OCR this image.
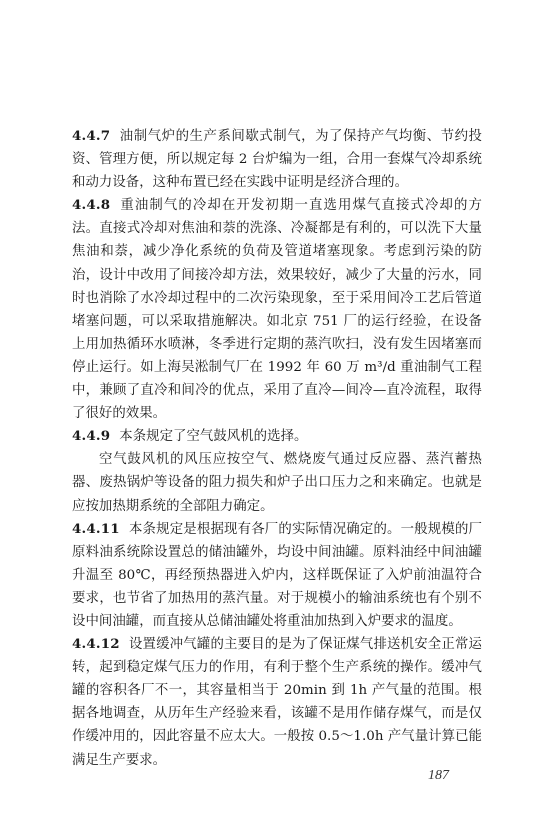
4.4.7 油制气炉的生产系间歇式制气，为了保持产气均衡、节约投资、管理方便，所以规定每 2 台炉编为一组，合用一套煤气冷却系统和动力设备，这种布置已经在实践中证明是经济合理的。

4.4.8 重油制气的冷却在开发初期一直选用煤气直接式冷却的方法。直接式冷却对焦油和萘的洗涤、冷凝都是有利的，可以洗下大量焦油和萘，减少净化系统的负荷及管道堵塞现象。考虑到污染的防治，设计中改用了间接冷却方法，效果较好，减少了大量的污水，同时也消除了水冷却过程中的二次污染现象，至于采用间冷工艺后管道堵塞问题，可以采取措施解决。如北京 751 厂的运行经验，在设备上用加热循环水喷淋，冬季进行定期的蒸汽吹扫，没有发生因堵塞而停止运行。如上海吴淞制气厂在 1992 年 60 万 m³/d 重油制气工程中，兼顾了直冷和间冷的优点，采用了直冷—间冷—直冷流程，取得了很好的效果。

4.4.9 本条规定了空气鼓风机的选择。

空气鼓风机的风压应按空气、燃烧废气通过反应器、蒸汽蓄热器、废热锅炉等设备的阻力损失和炉子出口压力之和来确定。也就是应按加热期系统的全部阻力确定。

4.4.11 本条规定是根据现有各厂的实际情况确定的。一般规模的厂原料油系统除设置总的储油罐外，均设中间油罐。原料油经中间油罐升温至 80℃，再经预热器进入炉内，这样既保证了入炉前油温符合要求，也节省了加热用的蒸汽量。对于规模小的输油系统也有个别不设中间油罐，而直接从总储油罐处将重油加热到入炉要求的温度。

4.4.12 设置缓冲气罐的主要目的是为了保证煤气排送机安全正常运转，起到稳定煤气压力的作用，有利于整个生产系统的操作。缓冲气罐的容积各厂不一，其容量相当于 20min 到 1h 产气量的范围。根据各地调查，从历年生产经验来看，该罐不是用作储存煤气，而是仅作缓冲用的，因此容量不应太大。一般按 0.5～1.0h 产气量计算已能满足生产要求。

187
